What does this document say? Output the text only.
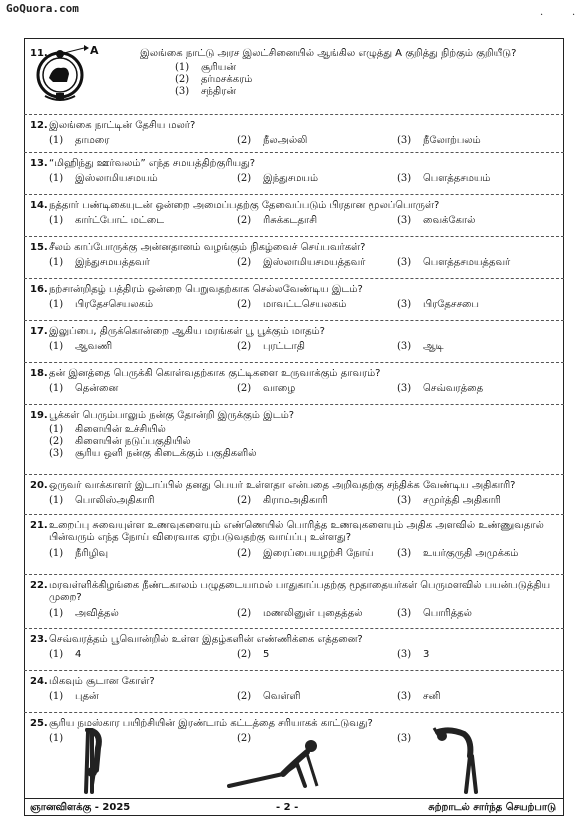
GoQuora.com
·	·
A
11.	இலங்கை நாட்டு அரச இலட்சினையில் ஆங்கில எழுத்து A குறித்து நிற்கும் குறியீடு?
(1) சூரியன்
(2) தர்மசக்கரம்
(3) சந்திரன்
12. இலங்கை நாட்டின் தேசிய மலர்?
(1) தாமரை	(2) நீலஅல்லி	(3) நீலோற்பலம்
13. “மிஹிந்து ஊர்வலம்” எந்த சமயத்திற்குரியது?
(1) இஸ்லாமியசமயம்	(2) இந்துசமயம்	(3) பௌத்தசமயம்
14. நத்தார் பண்டிகையுடன் ஒன்றை அமைப்பதற்கு தேவைப்படும் பிரதான மூலப்பொருள்?
(1) கார்ட்போட் மட்டை	(2) ரிசுக்கடதாசி	(3) வைக்கோல்
15. சீலம் காப்போருக்கு அன்னதானம் வழங்கும் நிகழ்வைச் செய்பவர்கள்?
(1) இந்துசமயத்தவர்	(2) இஸ்லாமியசமயத்தவர்	(3) பௌத்தசமயத்தவர்
16. நற்சான்றிதழ் பத்திரம் ஒன்றை பெறுவதற்காக செல்லவேண்டிய இடம்?
(1) பிரதேசசெயலகம்	(2) மாவட்டசெயலகம்	(3) பிரதேசசபை
17. இலுப்பை, திருக்கொன்றை ஆகிய மரங்கள் பூ பூக்கும் மாதம்?
(1) ஆவணி	(2) புரட்டாதி	(3) ஆடி
18. தன் இனத்தை பெருக்கி கொள்வதற்காக குட்டிகளை உருவாக்கும் தாவரம்?
(1) தென்னை	(2) வாழை	(3) செவ்வரத்தை
19. பூக்கள் பெரும்பாலும் நன்கு தோன்றி இருக்கும் இடம்?
(1) கிளையின் உச்சியில்
(2) கிளையின் நடுப்பகுதியில்
(3) சூரிய ஒளி நன்கு கிடைக்கும் பகுதிகளில்
20. ஒருவர் வாக்காளர் இடாப்பில் தனது பெயர் உள்ளதா என்பதை அறிவதற்கு சந்திக்க வேண்டிய அதிகாரி?
(1) பொலிஸ்அதிகாரி	(2) கிராமஅதிகாரி	(3) சமுர்த்தி அதிகாரி
21. உறைப்பு சுவையுள்ள உணவுகளையும் எண்ணெயில் பொரித்த உணவுகளையும் அதிக அளவில் உண்ணுவதால் பின்வரும் எந்த நோய் விரைவாக ஏற்படுவதற்கு வாய்ப்பு உள்ளது?
(1) நீரிழிவு	(2) இரைப்பையழற்சி நோய் (3) உயர்குருதி அமுக்கம்
22. மரவள்ளிக்கிழங்கை நீண்டகாலம் பழுதடையாமல் பாதுகாப்பதற்கு மூதாதையர்கள் பெருமளவில் பயன்படுத்திய முறை?
(1) அவித்தல்	(2) மணலினுள் புதைத்தல்	(3) பொரித்தல்
23. செவ்வரத்தம் பூவொன்றில் உள்ள இதழ்களின் எண்ணிக்கை எத்தனை?
(1) 4	(2) 5	(3) 3
24. மிகவும் சூடான கோள்?
(1) புதன்	(2) வெள்ளி	(3) சனி
25. சூரிய நமஸ்கார பயிற்சியின் இரண்டாம் கட்டத்தை சரியாகக் காட்டுவது?
(1)	(2)	(3)
ஞானவிளக்கு - 2025	- 2 -	சுற்றாடல் சார்ந்த செயற்பாடு
